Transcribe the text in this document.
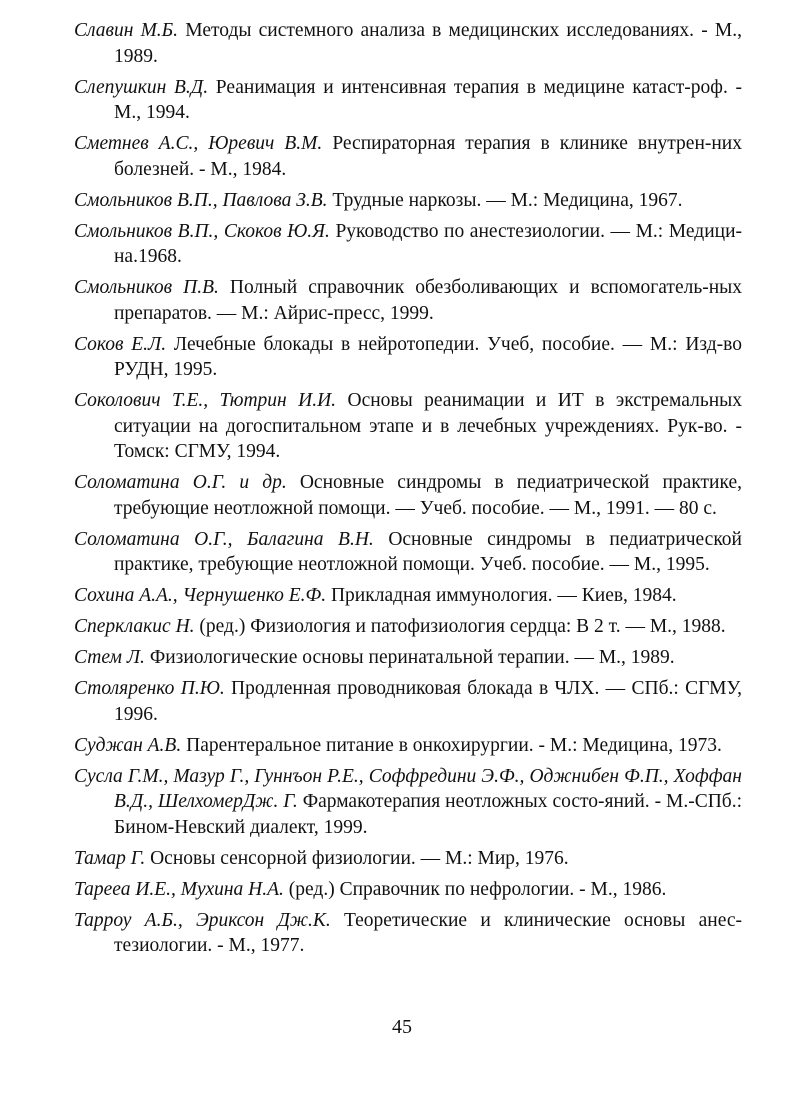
Славин М.Б. Методы системного анализа в медицинских исследованиях. - М., 1989.
Слепушкин В.Д. Реанимация и интенсивная терапия в медицине катаст-роф. - М., 1994.
Сметнев А.С., Юревич В.М. Респираторная терапия в клинике внутрен-них болезней. - М., 1984.
Смольников В.П., Павлова З.В. Трудные наркозы. — М.: Медицина, 1967.
Смольников В.П., Скоков Ю.Я. Руководство по анестезиологии. — М.: Медици-на.1968.
Смольников П.В. Полный справочник обезболивающих и вспомогатель-ных препаратов. — М.: Айрис-пресс, 1999.
Соков Е.Л. Лечебные блокады в нейротопедии. Учеб, пособие. — М.: Изд-во РУДН, 1995.
Соколович Т.Е., Тютрин И.И. Основы реанимации и ИТ в экстремальных ситуации на догоспитальном этапе и в лечебных учреждениях. Рук-во. - Томск: СГМУ, 1994.
Соломатина О.Г. и др. Основные синдромы в педиатрической практике, требующие неотложной помощи. — Учеб. пособие. — М., 1991. — 80 с.
Соломатина О.Г., Балагина В.Н. Основные синдромы в педиатрической практике, требующие неотложной помощи. Учеб. пособие. — М., 1995.
Сохина А.А., Чернушенко Е.Ф. Прикладная иммунология. — Киев, 1984.
Сперклакис Н. (ред.) Физиология и патофизиология сердца: В 2 т. — М., 1988.
Стем Л. Физиологические основы перинатальной терапии. — М., 1989.
Столяренко П.Ю. Продленная проводниковая блокада в ЧЛХ. — СПб.: СГМУ, 1996.
Суджан А.В. Парентеральное питание в онкохирургии. - М.: Медицина, 1973.
Сусла Г.М., Мазур Г., Гуннъон Р.Е., Соффредини Э.Ф., Оджнибен Ф.П., Хоффан В.Д., ШелхомерДж. Г. Фармакотерапия неотложных состо-яний. - М.-СПб.: Бином-Невский диалект, 1999.
Тамар Г. Основы сенсорной физиологии. — М.: Мир, 1976.
Тарееа И.Е., Мухина Н.А. (ред.) Справочник по нефрологии. - М., 1986.
Тарроу А.Б., Эриксон Дж.К. Теоретические и клинические основы анес-тезиологии. - М., 1977.
45
